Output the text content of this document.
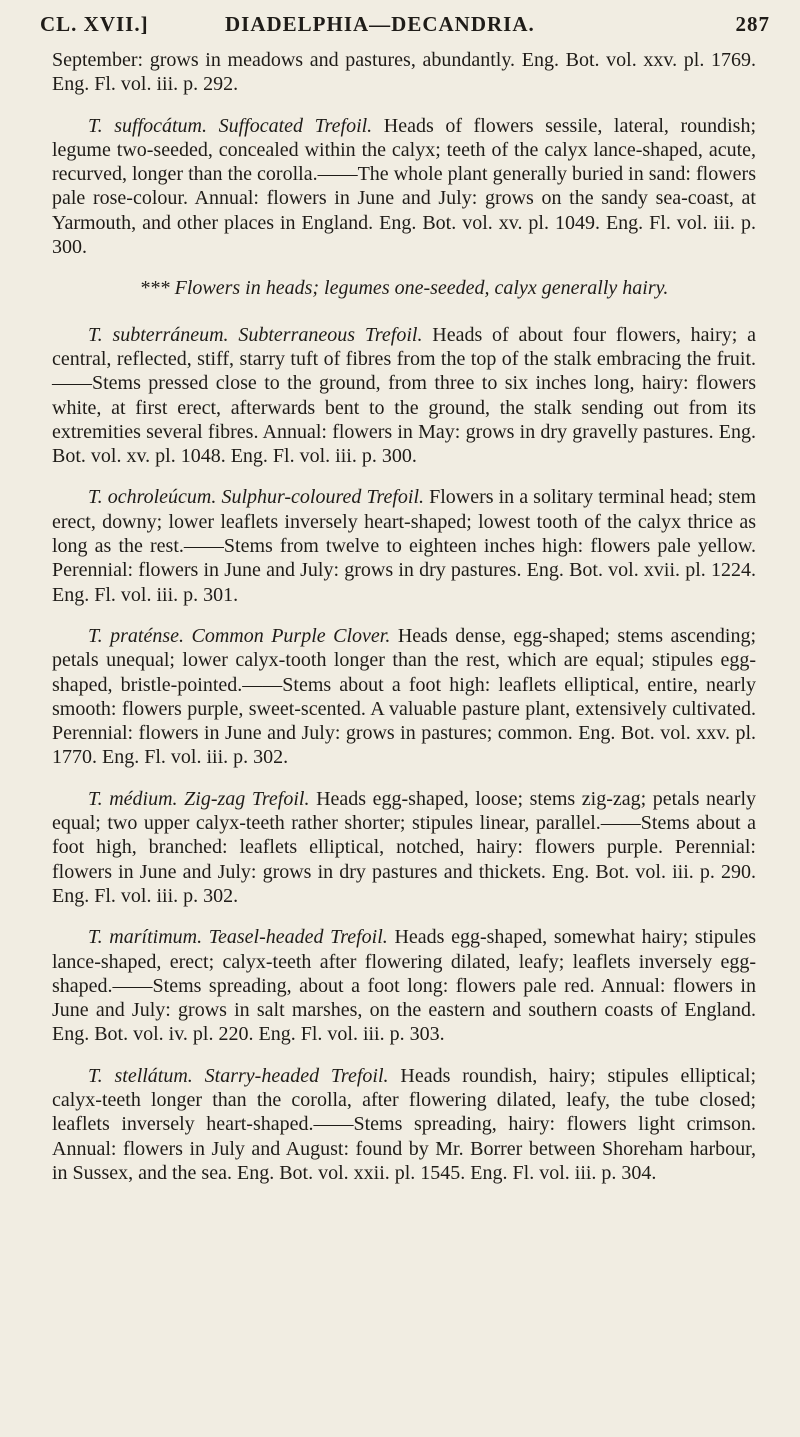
CL. XVII.]	DIADELPHIA—DECANDRIA.	287

September: grows in meadows and pastures, abundantly. Eng. Bot. vol. xxv. pl. 1769. Eng. Fl. vol. iii. p. 292.

T. suffocátum. Suffocated Trefoil. Heads of flowers sessile, lateral, roundish; legume two-seeded, concealed within the calyx; teeth of the calyx lance-shaped, acute, recurved, longer than the corolla.——The whole plant generally buried in sand: flowers pale rose-colour. Annual: flowers in June and July: grows on the sandy sea-coast, at Yarmouth, and other places in England. Eng. Bot. vol. xv. pl. 1049. Eng. Fl. vol. iii. p. 300.

*** Flowers in heads; legumes one-seeded, calyx generally hairy.

T. subterráneum. Subterraneous Trefoil. Heads of about four flowers, hairy; a central, reflected, stiff, starry tuft of fibres from the top of the stalk embracing the fruit.——Stems pressed close to the ground, from three to six inches long, hairy: flowers white, at first erect, afterwards bent to the ground, the stalk sending out from its extremities several fibres. Annual: flowers in May: grows in dry gravelly pastures. Eng. Bot. vol. xv. pl. 1048. Eng. Fl. vol. iii. p. 300.

T. ochroleúcum. Sulphur-coloured Trefoil. Flowers in a solitary terminal head; stem erect, downy; lower leaflets inversely heart-shaped; lowest tooth of the calyx thrice as long as the rest.——Stems from twelve to eighteen inches high: flowers pale yellow. Perennial: flowers in June and July: grows in dry pastures. Eng. Bot. vol. xvii. pl. 1224. Eng. Fl. vol. iii. p. 301.

T. praténse. Common Purple Clover. Heads dense, egg-shaped; stems ascending; petals unequal; lower calyx-tooth longer than the rest, which are equal; stipules egg-shaped, bristle-pointed.——Stems about a foot high: leaflets elliptical, entire, nearly smooth: flowers purple, sweet-scented. A valuable pasture plant, extensively cultivated. Perennial: flowers in June and July: grows in pastures; common. Eng. Bot. vol. xxv. pl. 1770. Eng. Fl. vol. iii. p. 302.

T. médium. Zig-zag Trefoil. Heads egg-shaped, loose; stems zig-zag; petals nearly equal; two upper calyx-teeth rather shorter; stipules linear, parallel.——Stems about a foot high, branched: leaflets elliptical, notched, hairy: flowers purple. Perennial: flowers in June and July: grows in dry pastures and thickets. Eng. Bot. vol. iii. p. 290. Eng. Fl. vol. iii. p. 302.

T. marítimum. Teasel-headed Trefoil. Heads egg-shaped, somewhat hairy; stipules lance-shaped, erect; calyx-teeth after flowering dilated, leafy; leaflets inversely egg-shaped.——Stems spreading, about a foot long: flowers pale red. Annual: flowers in June and July: grows in salt marshes, on the eastern and southern coasts of England. Eng. Bot. vol. iv. pl. 220. Eng. Fl. vol. iii. p. 303.

T. stellátum. Starry-headed Trefoil. Heads roundish, hairy; stipules elliptical; calyx-teeth longer than the corolla, after flowering dilated, leafy, the tube closed; leaflets inversely heart-shaped.——Stems spreading, hairy: flowers light crimson. Annual: flowers in July and August: found by Mr. Borrer between Shoreham harbour, in Sussex, and the sea. Eng. Bot. vol. xxii. pl. 1545. Eng. Fl. vol. iii. p. 304.
